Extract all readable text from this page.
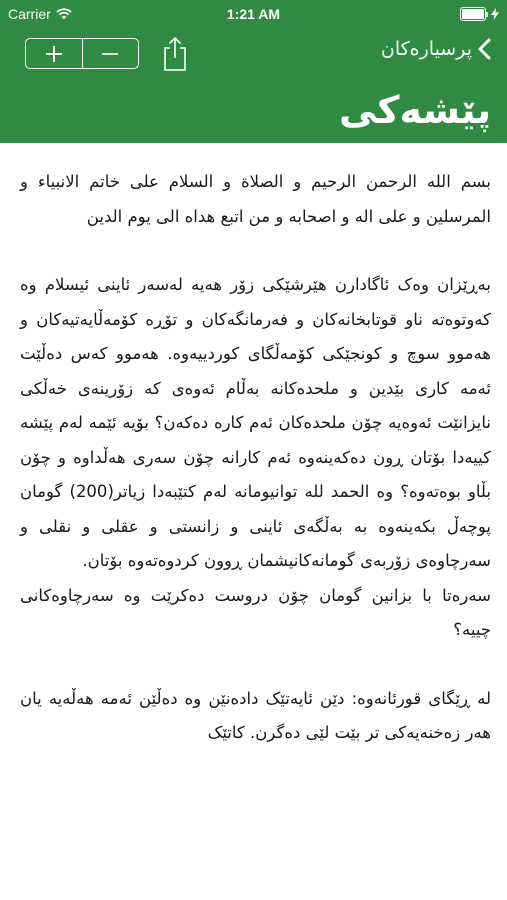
Carrier	1:21 AM
پرسیارەکان
پێشەکی

بسم الله الرحمن الرحيم و الصلاة و السلام على خاتم الانبياء و المرسلين و على اله و اصحابه و من اتبع هداه الى يوم الدين

بەڕێزان وەک ئاگادارن هێرشێکی زۆر هەیە لەسەر ئاینی ئیسلام وە کەوتوەتە ناو قوتابخانەکان و فەرمانگەکان و تۆڕە کۆمەڵایەتیەکان و هەموو سوچ و کونجێکی کۆمەڵگای کوردییەوە. هەموو کەس دەڵێت ئەمە کاری بێدین و ملحدەکانە بەڵام ئەوەی کە زۆرینەی خەڵکی نایزانێت ئەوەیە چۆن ملحدەکان ئەم کارە دەکەن؟ بۆیە ئێمە لەم پێشە کییەدا بۆتان ڕون دەکەینەوە ئەم کارانە چۆن سەری هەڵداوە و چۆن بڵاو بوەتەوە؟ وە الحمد لله توانیومانە لەم کتێبەدا زیاتر(200) گومان پوچەڵ بکەینەوە بە بەڵگەی ئاینی و زانستی و عقلی و نقلی و سەرچاوەی زۆربەی گومانەکانیشمان ڕوون کردوەتەوە بۆتان.
سەرەتا با بزانین گومان چۆن دروست دەکرێت وە سەرچاوەکانی چییە؟

لە ڕێگای قورئانەوە: دێن ئایەتێک دادەنێن وە دەڵێن ئەمە هەڵەیە یان هەر زەخنەیەکی تر بێت لێی دەگرن. کاتێک
